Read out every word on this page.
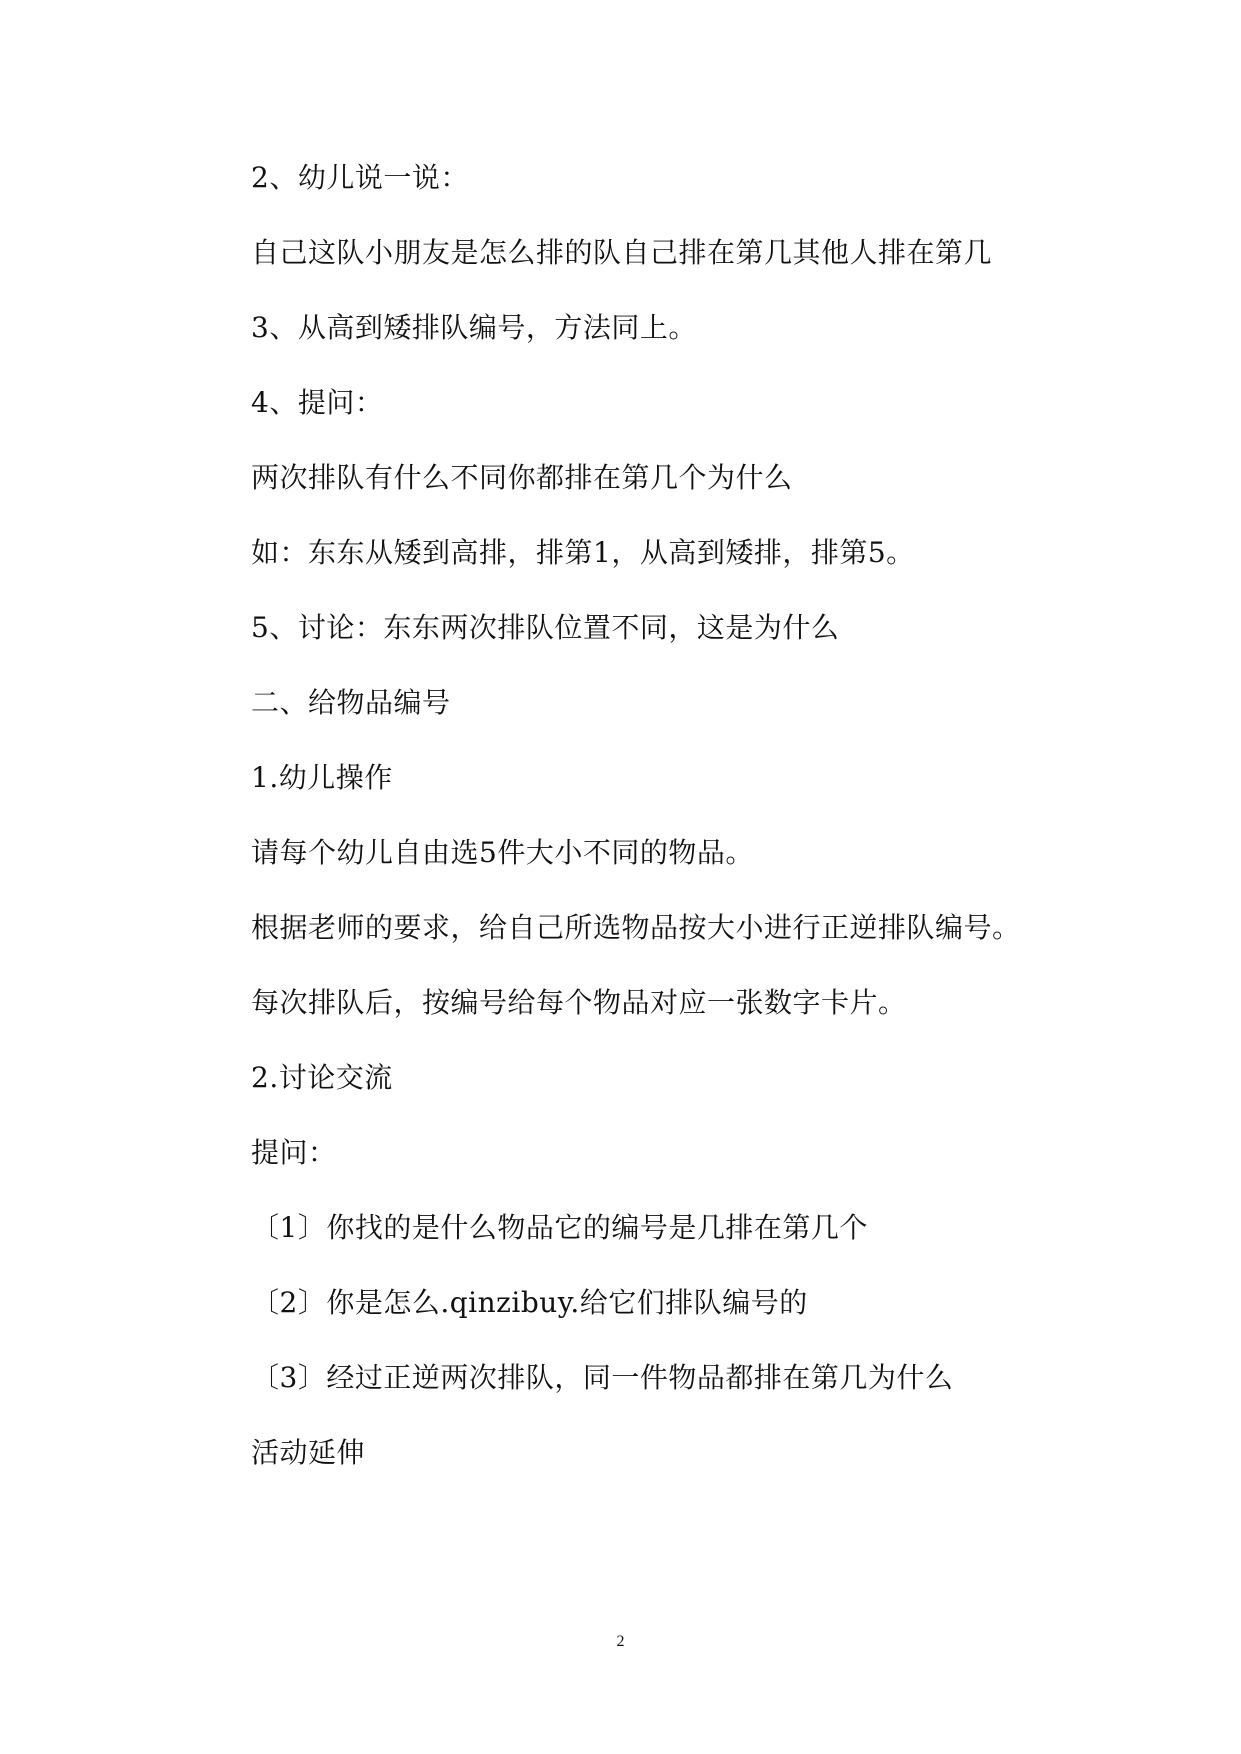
2、幼儿说一说：
自己这队小朋友是怎么排的队自己排在第几其他人排在第几
3、从高到矮排队编号，方法同上。
4、提问：
两次排队有什么不同你都排在第几个为什么
如：东东从矮到高排，排第1，从高到矮排，排第5。
5、讨论：东东两次排队位置不同，这是为什么
二、给物品编号
1.幼儿操作
请每个幼儿自由选5件大小不同的物品。
根据老师的要求，给自己所选物品按大小进行正逆排队编号。
每次排队后，按编号给每个物品对应一张数字卡片。
2.讨论交流
提问：
〔1〕你找的是什么物品它的编号是几排在第几个
〔2〕你是怎么.qinzibuy.给它们排队编号的
〔3〕经过正逆两次排队，同一件物品都排在第几为什么
活动延伸
2
